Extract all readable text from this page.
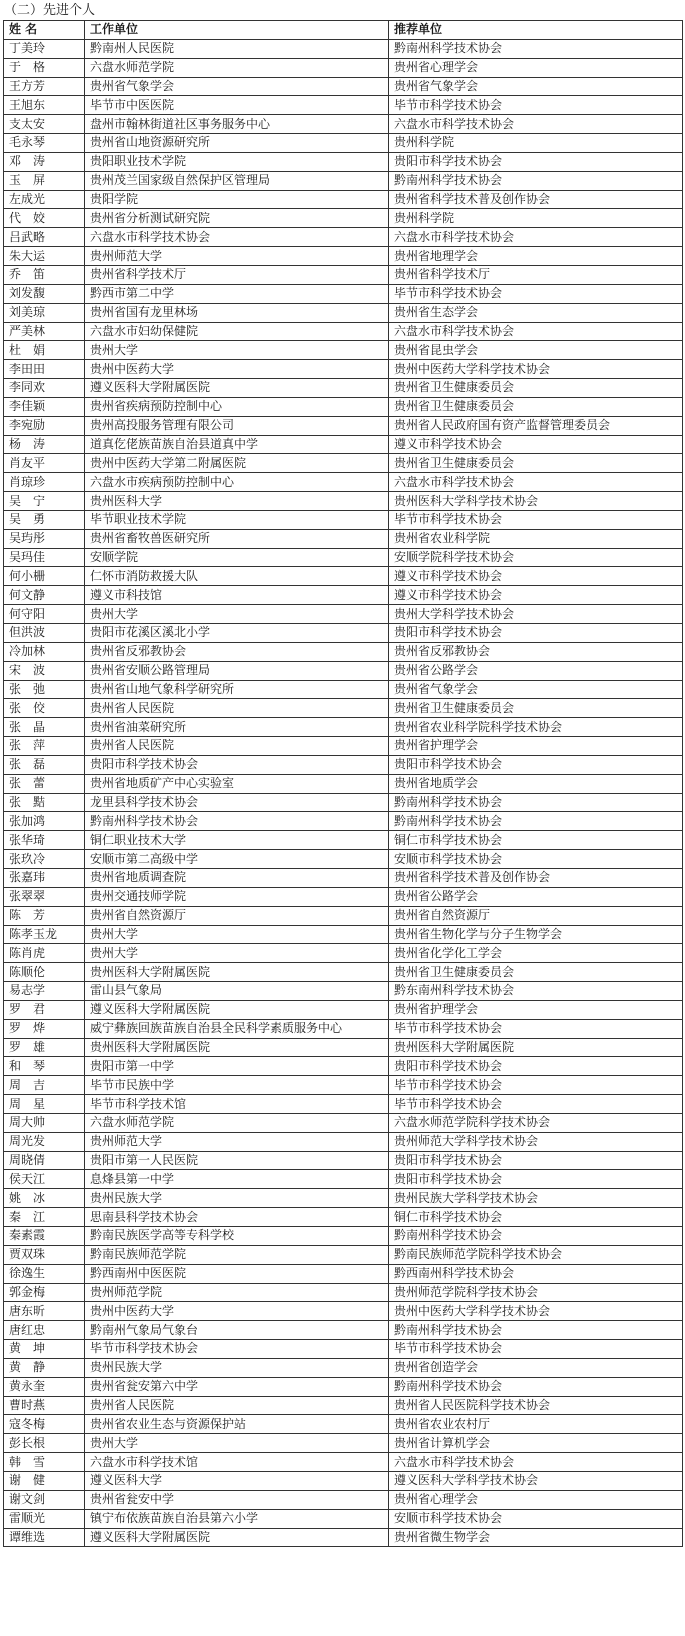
（二）先进个人
姓 名	工作单位	推荐单位
丁美玲	黔南州人民医院	黔南州科学技术协会
于　格	六盘水师范学院	贵州省心理学会
王方芳	贵州省气象学会	贵州省气象学会
王旭东	毕节市中医医院	毕节市科学技术协会
支太安	盘州市翰林街道社区事务服务中心	六盘水市科学技术协会
毛永琴	贵州省山地资源研究所	贵州科学院
邓　涛	贵阳职业技术学院	贵阳市科学技术协会
玉　屏	贵州茂兰国家级自然保护区管理局	黔南州科学技术协会
左成光	贵阳学院	贵州省科学技术普及创作协会
代　姣	贵州省分析测试研究院	贵州科学院
吕武略	六盘水市科学技术协会	六盘水市科学技术协会
朱大运	贵州师范大学	贵州省地理学会
乔　笛	贵州省科学技术厅	贵州省科学技术厅
刘发馥	黔西市第二中学	毕节市科学技术协会
刘美琼	贵州省国有龙里林场	贵州省生态学会
严美林	六盘水市妇幼保健院	六盘水市科学技术协会
杜　娟	贵州大学	贵州省昆虫学会
李田田	贵州中医药大学	贵州中医药大学科学技术协会
李同欢	遵义医科大学附属医院	贵州省卫生健康委员会
李佳颖	贵州省疾病预防控制中心	贵州省卫生健康委员会
李宛励	贵州高投服务管理有限公司	贵州省人民政府国有资产监督管理委员会
杨　涛	道真仡佬族苗族自治县道真中学	遵义市科学技术协会
肖友平	贵州中医药大学第二附属医院	贵州省卫生健康委员会
肖琼珍	六盘水市疾病预防控制中心	六盘水市科学技术协会
吴　宁	贵州医科大学	贵州医科大学科学技术协会
吴　勇	毕节职业技术学院	毕节市科学技术协会
吴玙彤	贵州省畜牧兽医研究所	贵州省农业科学院
吴玛佳	安顺学院	安顺学院科学技术协会
何小栅	仁怀市消防救援大队	遵义市科学技术协会
何文静	遵义市科技馆	遵义市科学技术协会
何守阳	贵州大学	贵州大学科学技术协会
但洪波	贵阳市花溪区溪北小学	贵阳市科学技术协会
冷加林	贵州省反邪教协会	贵州省反邪教协会
宋　波	贵州省安顺公路管理局	贵州省公路学会
张　弛	贵州省山地气象科学研究所	贵州省气象学会
张　佼	贵州省人民医院	贵州省卫生健康委员会
张　晶	贵州省油菜研究所	贵州省农业科学院科学技术协会
张　萍	贵州省人民医院	贵州省护理学会
张　磊	贵阳市科学技术协会	贵阳市科学技术协会
张　蕾	贵州省地质矿产中心实验室	贵州省地质学会
张　黠	龙里县科学技术协会	黔南州科学技术协会
张加鸿	黔南州科学技术协会	黔南州科学技术协会
张华琦	铜仁职业技术大学	铜仁市科学技术协会
张玖冷	安顺市第二高级中学	安顺市科学技术协会
张嘉玮	贵州省地质调查院	贵州省科学技术普及创作协会
张翠翠	贵州交通技师学院	贵州省公路学会
陈　芳	贵州省自然资源厅	贵州省自然资源厅
陈孝玉龙	贵州大学	贵州省生物化学与分子生物学会
陈肖虎	贵州大学	贵州省化学化工学会
陈顺伦	贵州医科大学附属医院	贵州省卫生健康委员会
易志学	雷山县气象局	黔东南州科学技术协会
罗　君	遵义医科大学附属医院	贵州省护理学会
罗　烨	威宁彝族回族苗族自治县全民科学素质服务中心	毕节市科学技术协会
罗　雄	贵州医科大学附属医院	贵州医科大学附属医院
和　琴	贵阳市第一中学	贵阳市科学技术协会
周　吉	毕节市民族中学	毕节市科学技术协会
周　星	毕节市科学技术馆	毕节市科学技术协会
周大帅	六盘水师范学院	六盘水师范学院科学技术协会
周光发	贵州师范大学	贵州师范大学科学技术协会
周晓倩	贵阳市第一人民医院	贵阳市科学技术协会
侯天江	息烽县第一中学	贵阳市科学技术协会
姚　冰	贵州民族大学	贵州民族大学科学技术协会
秦　江	思南县科学技术协会	铜仁市科学技术协会
秦素霞	黔南民族医学高等专科学校	黔南州科学技术协会
贾双珠	黔南民族师范学院	黔南民族师范学院科学技术协会
徐逸生	黔西南州中医医院	黔西南州科学技术协会
郭金梅	贵州师范学院	贵州师范学院科学技术协会
唐东昕	贵州中医药大学	贵州中医药大学科学技术协会
唐红忠	黔南州气象局气象台	黔南州科学技术协会
黄　坤	毕节市科学技术协会	毕节市科学技术协会
黄　静	贵州民族大学	贵州省创造学会
黄永奎	贵州省瓮安第六中学	黔南州科学技术协会
曹时燕	贵州省人民医院	贵州省人民医院科学技术协会
寇冬梅	贵州省农业生态与资源保护站	贵州省农业农村厅
彭长根	贵州大学	贵州省计算机学会
韩　雪	六盘水市科学技术馆	六盘水市科学技术协会
谢　健	遵义医科大学	遵义医科大学科学技术协会
谢文剑	贵州省瓮安中学	贵州省心理学会
雷顺光	镇宁布依族苗族自治县第六小学	安顺市科学技术协会
谭维选	遵义医科大学附属医院	贵州省微生物学会
